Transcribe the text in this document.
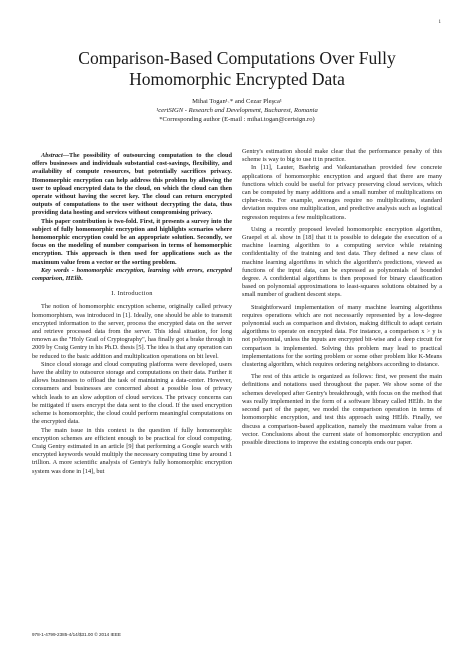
1
Comparison-Based Computations Over Fully
Homomorphic Encrypted Data
Mihai Togan¹˒* and Cezar Pleşca¹
¹certSIGN - Research and Development, Bucharest, Romania
*Corresponding author (E-mail : mihai.togan@certsign.ro)

Abstract—The possibility of outsourcing computation to the cloud offers businesses and individuals substantial cost-savings, flexibility, and availability of compute resources, but potentially sacrifices privacy. Homomorphic encryption can help address this problem by allowing the user to upload encrypted data to the cloud, on which the cloud can then operate without having the secret key. The cloud can return encrypted outputs of computations to the user without decrypting the data, thus providing data hosting and services without compromising privacy.

This paper contribution is two-fold. First, it presents a survey into the subject of fully homomorphic encryption and highlights scenarios where homomorphic encryption could be an appropriate solution. Secondly, we focus on the modeling of number comparison in terms of homomorphic encryption. This approach is then used for applications such as the maximum value from a vector or the sorting problem.

Key words - homomorphic encryption, learning with errors, encrypted comparison, HElib.

I. Introduction

The notion of homomorphic encryption scheme, originally called privacy homomorphism, was introduced in [1]. Ideally, one should be able to transmit encrypted information to the server, process the encrypted data on the server and retrieve processed data from the server. This ideal situation, for long renown as the "Holy Grail of Cryptography", has finally got a brake through in 2009 by Craig Gentry in his Ph.D. thesis [5]. The idea is that any operation can be reduced to the basic addition and multiplication operations on bit level.

Since cloud storage and cloud computing platforms were developed, users have the ability to outsource storage and computations on their data. Further it allows businesses to offload the task of maintaining a data-center. However, consumers and businesses are concerned about a possible loss of privacy which leads to an slow adoption of cloud services. The privacy concerns can be mitigated if users encrypt the data sent to the cloud. If the used encryption scheme is homomorphic, the cloud could perform meaningful computations on the encrypted data.

The main issue in this context is the question if fully homomorphic encryption schemes are efficient enough to be practical for cloud computing. Craig Gentry estimated in an article [9] that performing a Google search with encrypted keywords would multiply the necessary computing time by around 1 trillion. A more scientific analysis of Gentry's fully homomorphic encryption system was done in [14], but

Gentry's estimation should make clear that the performance penalty of this scheme is way to big to use it in practice.

In [11], Lauter, Baehrig and Vaikuntanathan provided few concrete applications of homomorphic encryption and argued that there are many functions which could be useful for privacy preserving cloud services, which can be computed by many additions and a small number of multiplications on cipher-texts. For example, averages require no multiplications, standard deviation requires one multiplication, and predictive analysis such as logistical regression requires a few multiplications.

Using a recently proposed leveled homomorphic encryption algorithm, Graepel et al. show in [18] that it is possible to delegate the execution of a machine learning algorithm to a computing service while retaining confidentiality of the training and test data. They defined a new class of machine learning algorithms in which the algorithm's predictions, viewed as functions of the input data, can be expressed as polynomials of bounded degree. A confidential algorithms is then proposed for binary classification based on polynomial approximations to least-squares solutions obtained by a small number of gradient descent steps.

Straightforward implementation of many machine learning algorithms requires operations which are not necessarily represented by a low-degree polynomial such as comparison and division, making difficult to adapt certain algorithms to operate on encrypted data. For instance, a comparison x > y is not polynomial, unless the inputs are encrypted bit-wise and a deep circuit for comparison is implemented. Solving this problem may lead to practical implementations for the sorting problem or some other problem like K-Means clustering algorithm, which requires ordering neighbors according to distance.

The rest of this article is organized as follows: first, we present the main definitions and notations used throughout the paper. We show some of the schemes developed after Gentry's breakthrough, with focus on the method that was really implemented in the form of a software library called HElib. In the second part of the paper, we model the comparison operation in terms of homomorphic encryption, and test this approach using HElib. Finally, we discuss a comparison-based application, namely the maximum value from a vector. Conclusions about the current state of homomorphic encryption and possible directions to improve the existing concepts ends our paper.

978-1-4799-2385-4/14/$31.00 © 2014 IEEE
